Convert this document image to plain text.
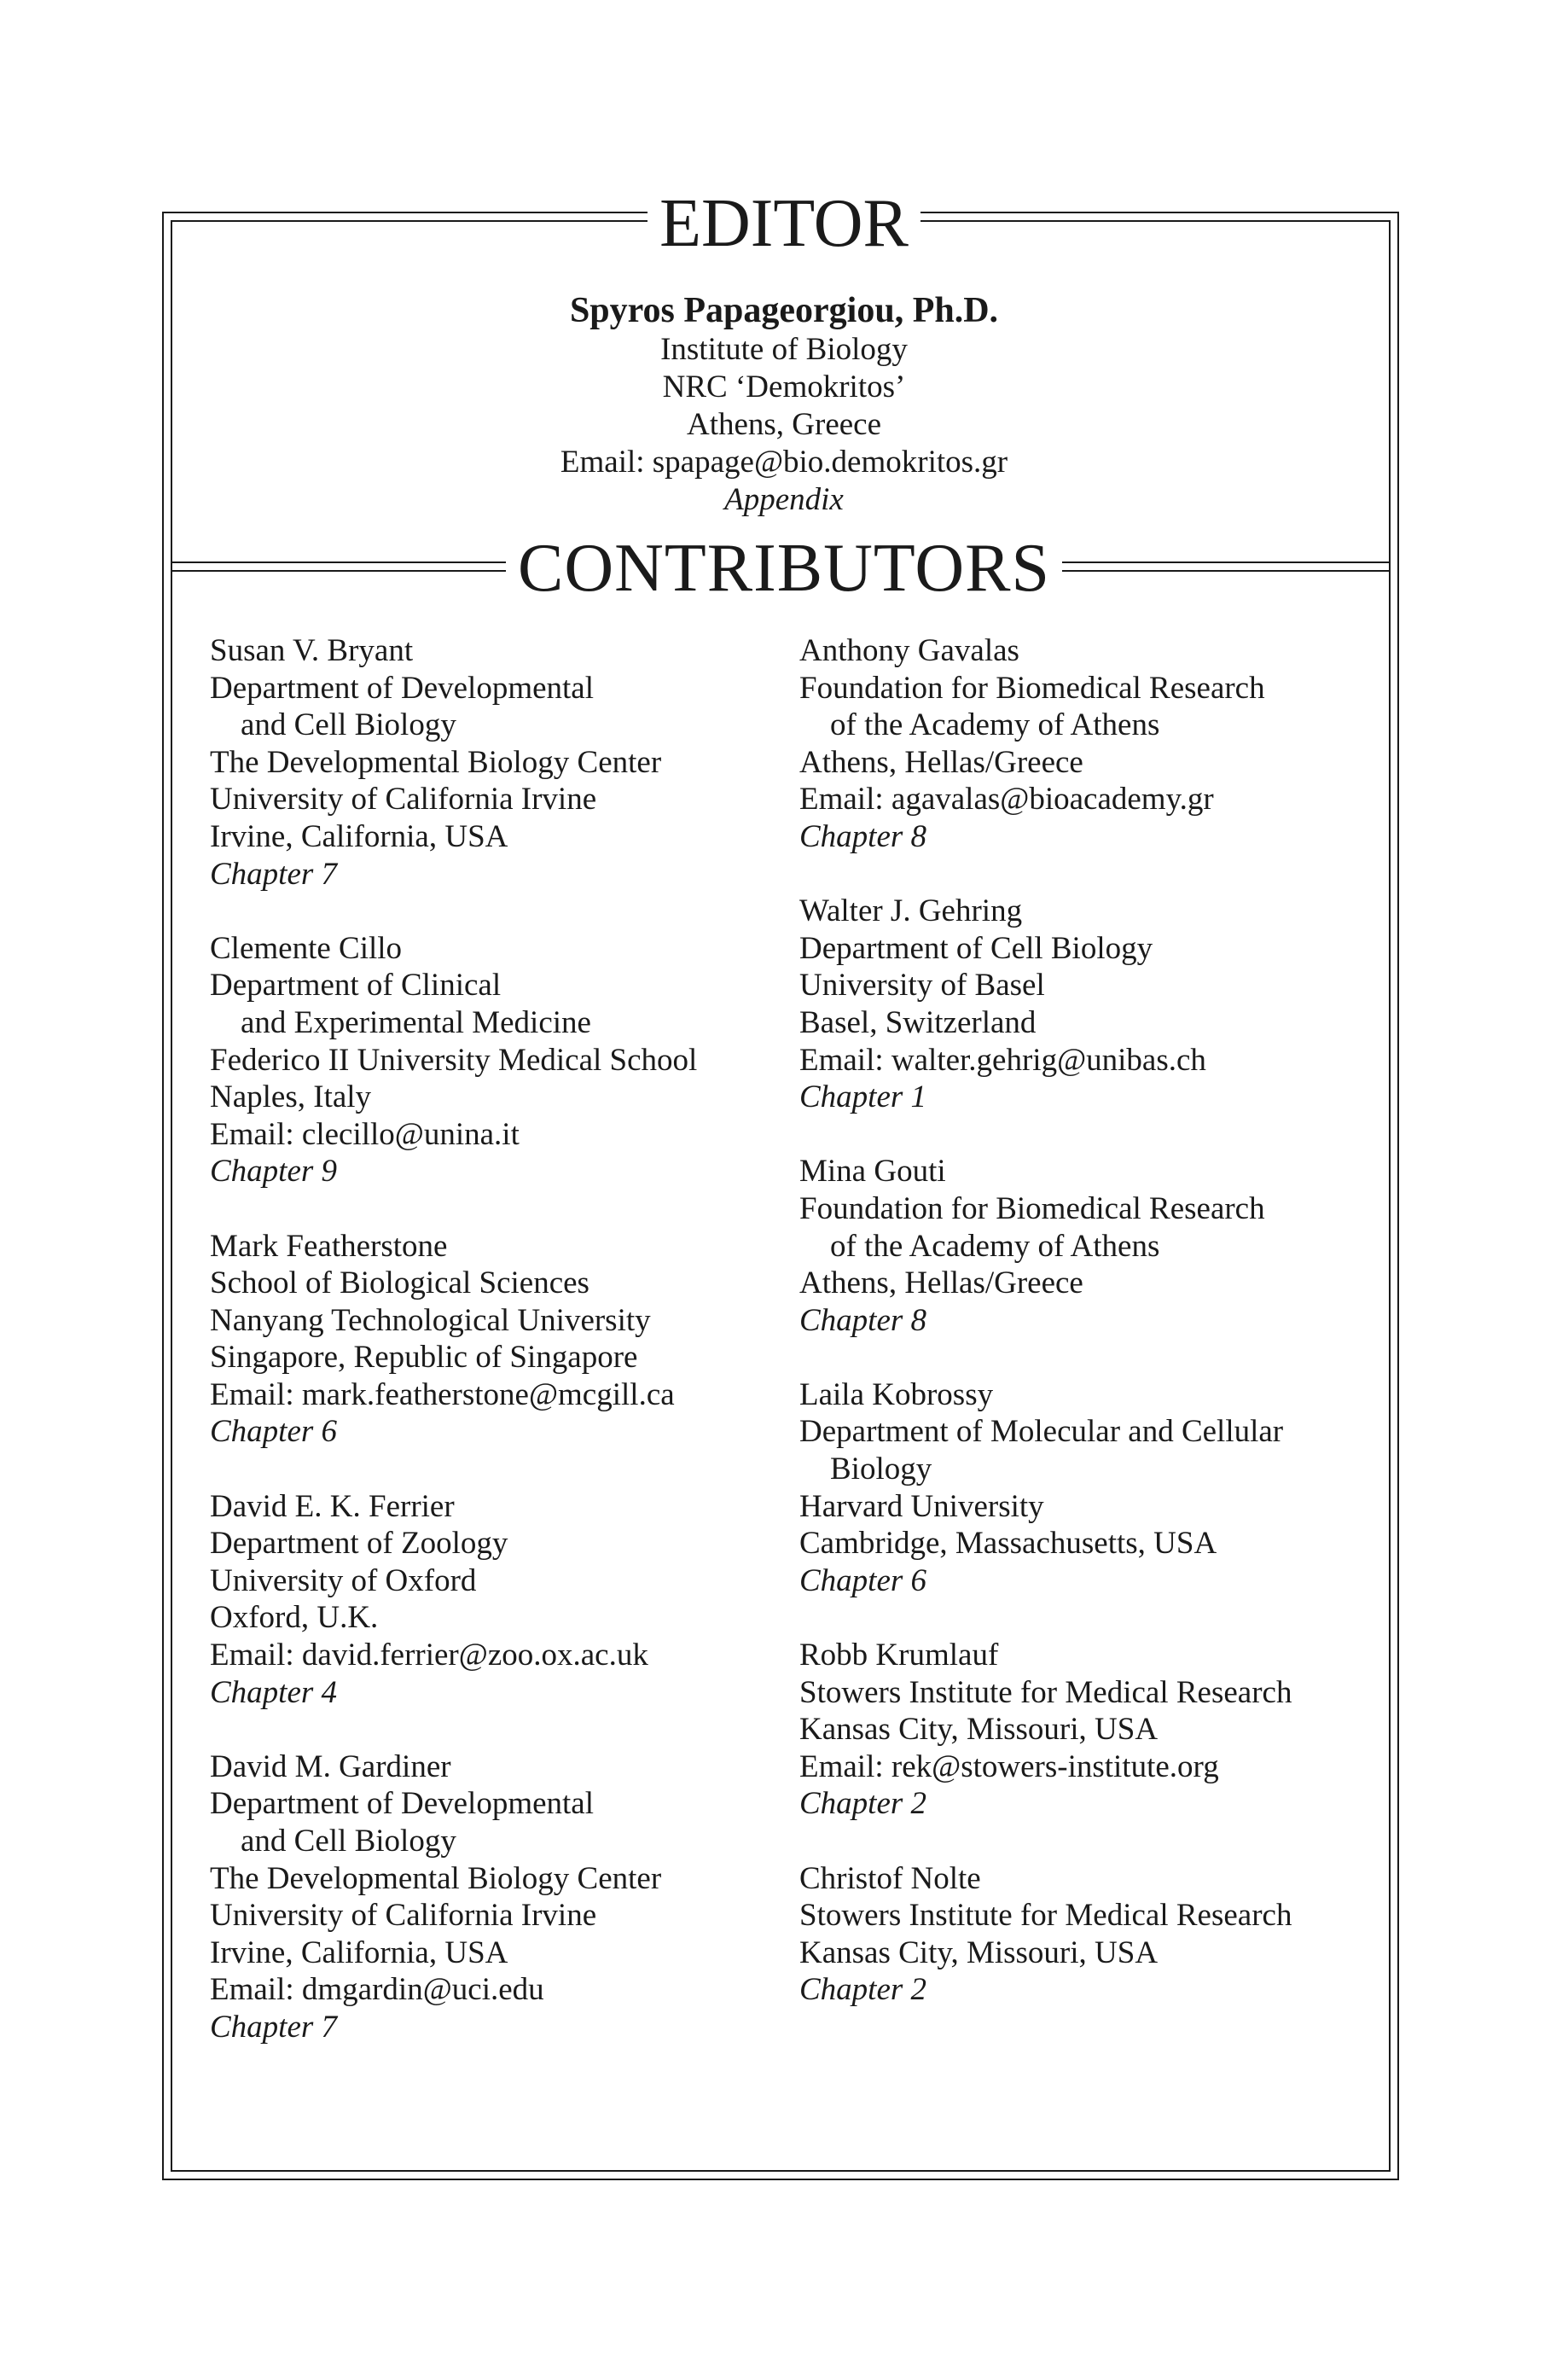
EDITOR
Spyros Papageorgiou, Ph.D.
Institute of Biology
NRC ‘Demokritos’
Athens, Greece
Email: spapage@bio.demokritos.gr
Appendix
CONTRIBUTORS
Susan V. Bryant
Department of Developmental
and Cell Biology
The Developmental Biology Center
University of California Irvine
Irvine, California, USA
Chapter 7
Clemente Cillo
Department of Clinical
and Experimental Medicine
Federico II University Medical School
Naples, Italy
Email: clecillo@unina.it
Chapter 9
Mark Featherstone
School of Biological Sciences
Nanyang Technological University
Singapore, Republic of Singapore
Email: mark.featherstone@mcgill.ca
Chapter 6
David E. K. Ferrier
Department of Zoology
University of Oxford
Oxford, U.K.
Email: david.ferrier@zoo.ox.ac.uk
Chapter 4
David M. Gardiner
Department of Developmental
and Cell Biology
The Developmental Biology Center
University of California Irvine
Irvine, California, USA
Email: dmgardin@uci.edu
Chapter 7
Anthony Gavalas
Foundation for Biomedical Research
of the Academy of Athens
Athens, Hellas/Greece
Email: agavalas@bioacademy.gr
Chapter 8
Walter J. Gehring
Department of Cell Biology
University of Basel
Basel, Switzerland
Email: walter.gehrig@unibas.ch
Chapter 1
Mina Gouti
Foundation for Biomedical Research
of the Academy of Athens
Athens, Hellas/Greece
Chapter 8
Laila Kobrossy
Department of Molecular and Cellular
Biology
Harvard University
Cambridge, Massachusetts, USA
Chapter 6
Robb Krumlauf
Stowers Institute for Medical Research
Kansas City, Missouri, USA
Email: rek@stowers-institute.org
Chapter 2
Christof Nolte
Stowers Institute for Medical Research
Kansas City, Missouri, USA
Chapter 2
